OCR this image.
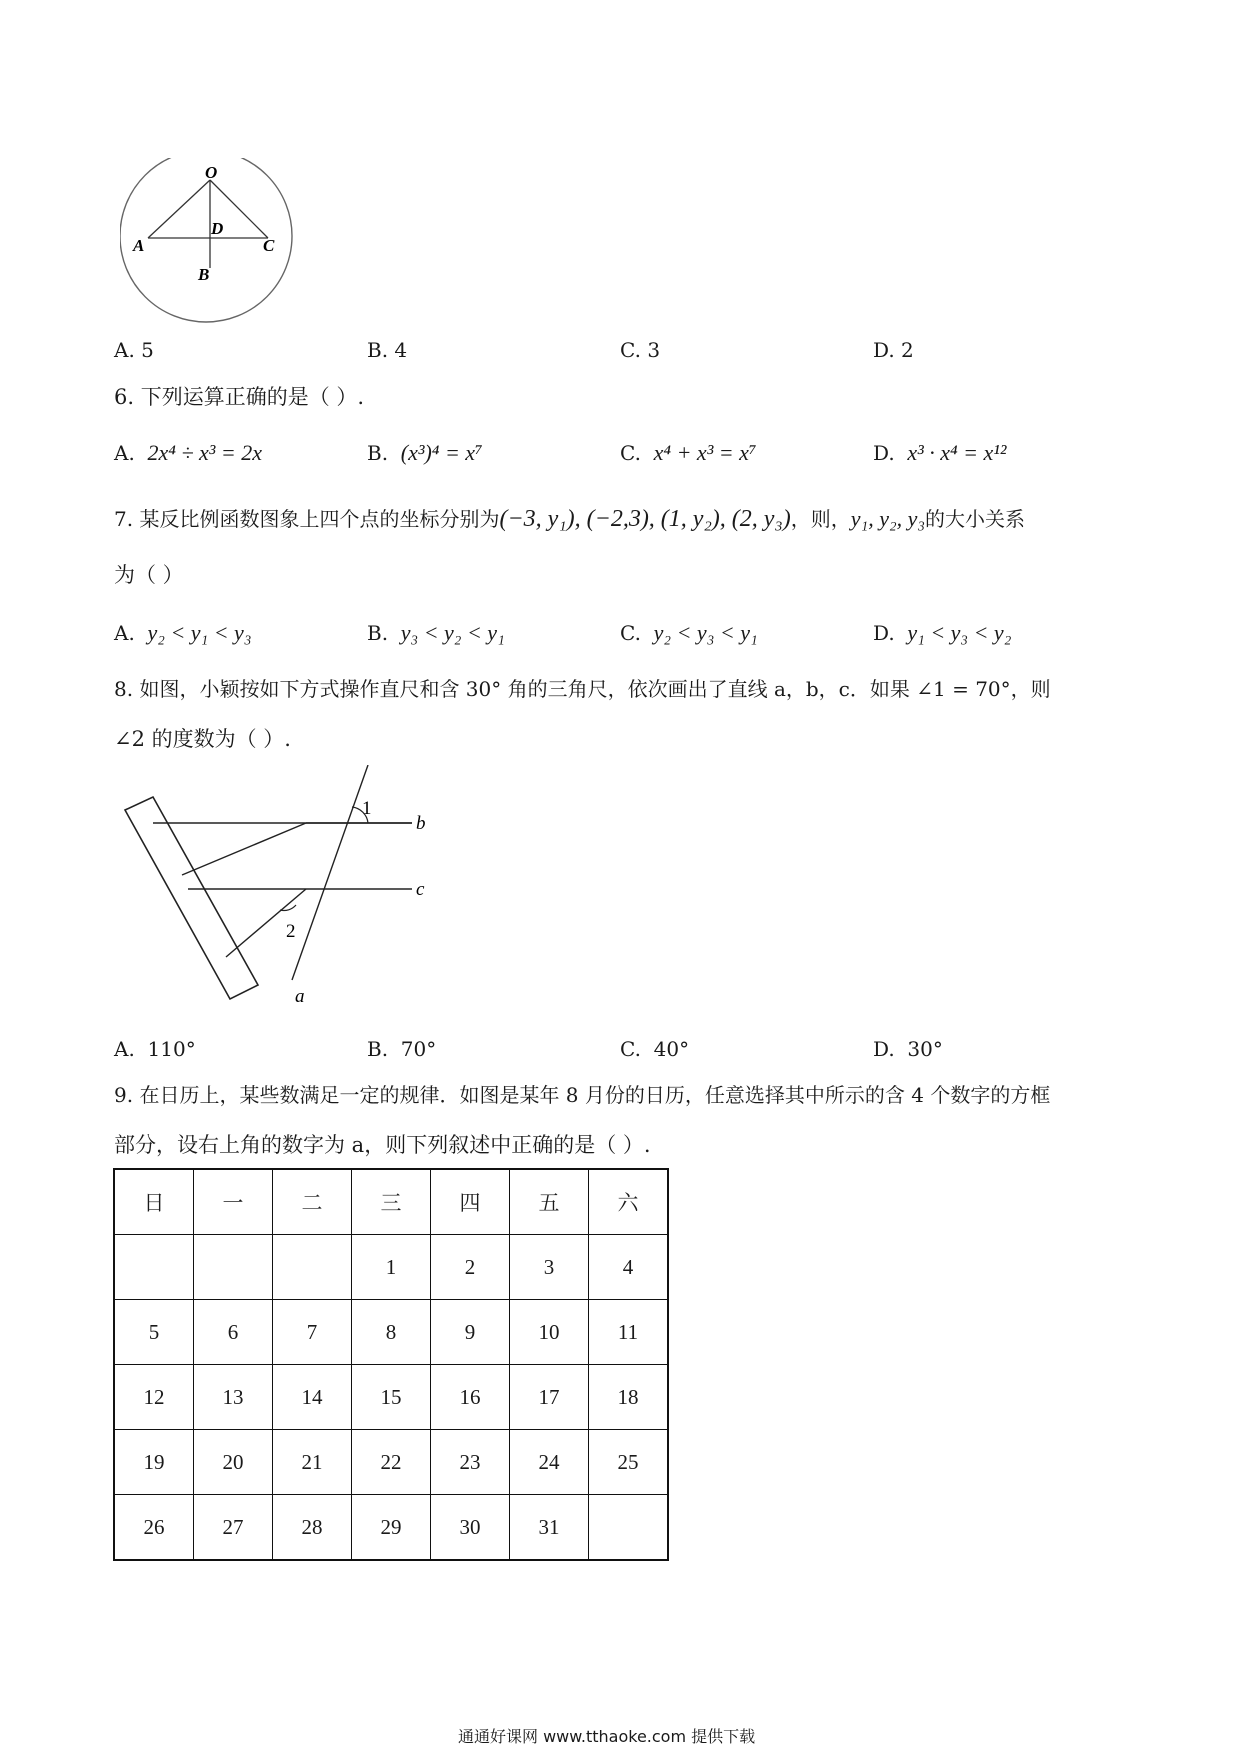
O
D
A	C
B
A. 5	B. 4	C. 3	D. 2
6. 下列运算正确的是（ ）.
A. 2x⁴ ÷ x³ = 2x	B. (x³)⁴ = x⁷	C. x⁴ + x³ = x⁷	D. x³ · x⁴ = x¹²
7. 某反比例函数图象上四个点的坐标分别为(−3, y₁), (−2,3), (1, y₂), (2, y₃)，则，y₁, y₂, y₃的大小关系
为（ ）
A. y₂ < y₁ < y₃	B. y₃ < y₂ < y₁	C. y₂ < y₃ < y₁	D. y₁ < y₃ < y₂
8. 如图，小颖按如下方式操作直尺和含 30° 角的三角尺，依次画出了直线 a，b，c．如果 ∠1 = 70°，则
∠2 的度数为（ ）.
1
2
b
c
a
A. 110°	B. 70°	C. 40°	D. 30°
9. 在日历上，某些数满足一定的规律．如图是某年 8 月份的日历，任意选择其中所示的含 4 个数字的方框
部分，设右上角的数字为 a，则下列叙述中正确的是（ ）.
日	一	二	三	四	五	六
			1	2	3	4
5	6	7	8	9	10	11
12	13	14	15	16	17	18
19	20	21	22	23	24	25
26	27	28	29	30	31	
通通好课网 www.tthaoke.com 提供下载
